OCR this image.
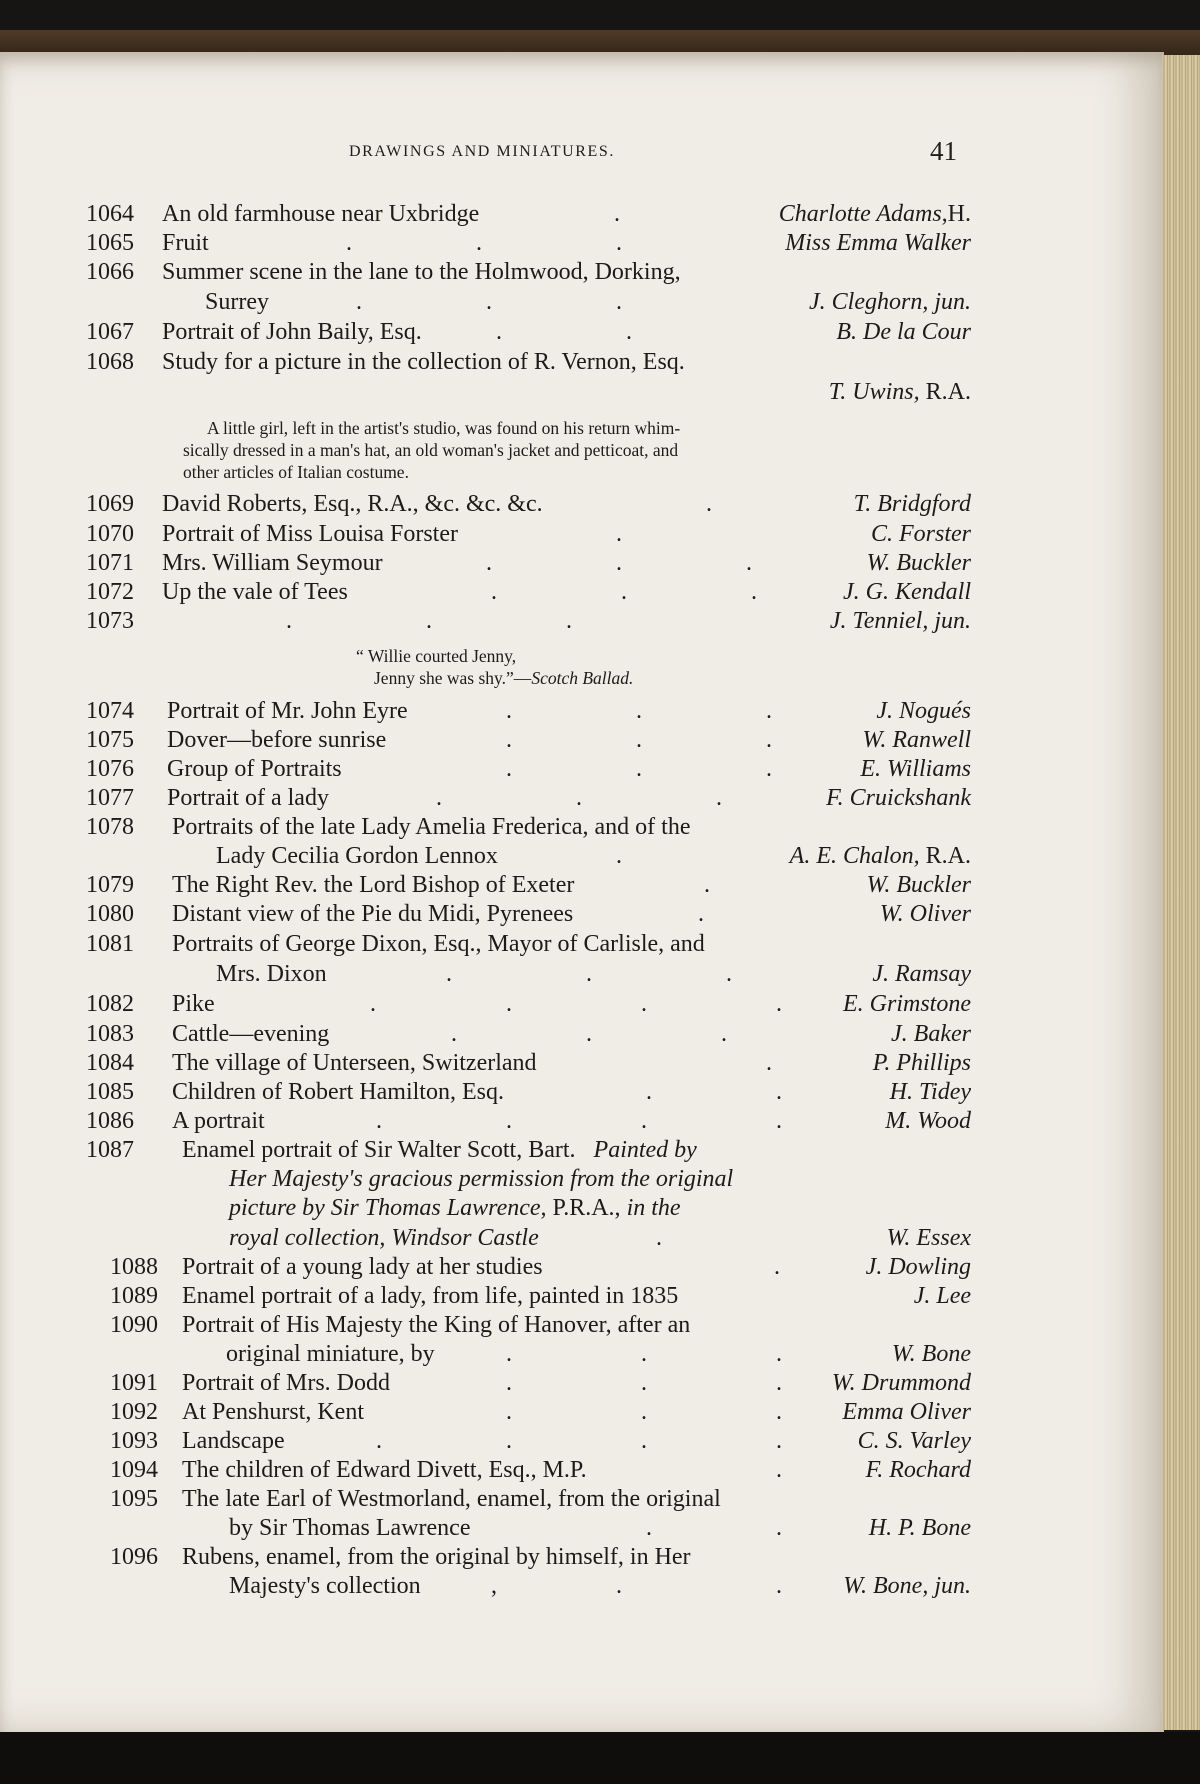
DRAWINGS AND MINIATURES.	41
1064 An old farmhouse near Uxbridge	.	Charlotte Adams,H.
1065 Fruit	.	.	.	Miss Emma Walker
1066 Summer scene in the lane to the Holmwood, Dorking,
Surrey	.	.	.	J. Cleghorn, jun.
1067 Portrait of John Baily, Esq.	.	.	B. De la Cour
1068 Study for a picture in the collection of R. Vernon, Esq.
T. Uwins, R.A.
A little girl, left in the artist's studio, was found on his return whim-
sically dressed in a man's hat, an old woman's jacket and petticoat, and
other articles of Italian costume.
1069 David Roberts, Esq., R.A., &c. &c. &c.	.	T. Bridgford
1070 Portrait of Miss Louisa Forster	.	C. Forster
1071 Mrs. William Seymour	.	.	.	W. Buckler
1072 Up the vale of Tees	.	.	.	J. G. Kendall
1073	.	.	.	J. Tenniel, jun.
“ Willie courted Jenny,
Jenny she was shy.”—Scotch Ballad.
1074 Portrait of Mr. John Eyre	.	.	.	J. Nogués
1075 Dover—before sunrise	.	.	.	W. Ranwell
1076 Group of Portraits	.	.	.	E. Williams
1077 Portrait of a lady	.	.	.	F. Cruickshank
1078 Portraits of the late Lady Amelia Frederica, and of the
Lady Cecilia Gordon Lennox	.	A. E. Chalon, R.A.
1079 The Right Rev. the Lord Bishop of Exeter	.	W. Buckler
1080 Distant view of the Pie du Midi, Pyrenees	.	W. Oliver
1081 Portraits of George Dixon, Esq., Mayor of Carlisle, and
Mrs. Dixon	.	.	.	J. Ramsay
1082 Pike	.	.	.	.	E. Grimstone
1083 Cattle—evening	.	.	.	J. Baker
1084 The village of Unterseen, Switzerland	.	P. Phillips
1085 Children of Robert Hamilton, Esq.	.	.	H. Tidey
1086 A portrait	.	.	.	.	M. Wood
1087 Enamel portrait of Sir Walter Scott, Bart. Painted by
Her Majesty's gracious permission from the original
picture by Sir Thomas Lawrence, P.R.A., in the
royal collection, Windsor Castle	.	W. Essex
1088 Portrait of a young lady at her studies	.	J. Dowling
1089 Enamel portrait of a lady, from life, painted in 1835	J. Lee
1090 Portrait of His Majesty the King of Hanover, after an
original miniature, by	.	.	.	W. Bone
1091 Portrait of Mrs. Dodd	.	.	. W. Drummond
1092 At Penshurst, Kent	.	.	.	Emma Oliver
1093 Landscape	.	.	.	.	C. S. Varley
1094 The children of Edward Divett, Esq., M.P.	.	F. Rochard
1095 The late Earl of Westmorland, enamel, from the original
by Sir Thomas Lawrence	.	.	H. P. Bone
1096 Rubens, enamel, from the original by himself, in Her
Majesty's collection	,	.	.	W. Bone, jun.
